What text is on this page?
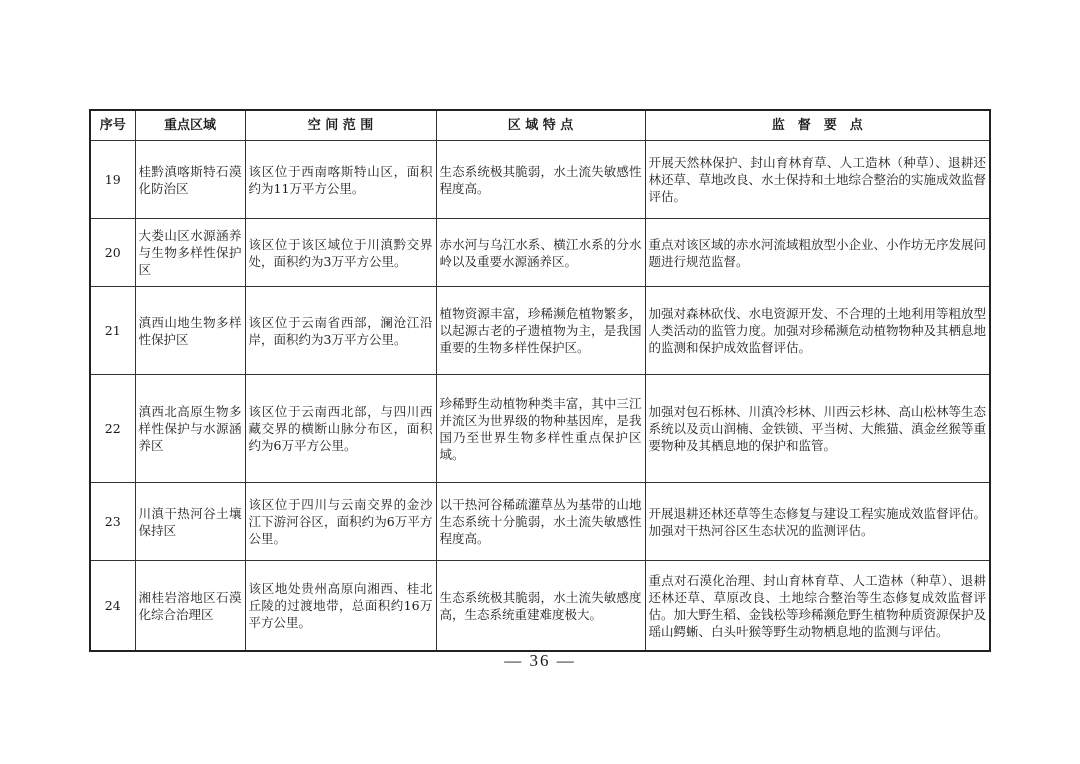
序号	重点区域	空 间 范 围	区 域 特 点	监　督　要　点
19	桂黔滇喀斯特石漠化防治区	该区位于西南喀斯特山区，面积约为11万平方公里。	生态系统极其脆弱，水土流失敏感性程度高。	开展天然林保护、封山育林育草、人工造林（种草）、退耕还林还草、草地改良、水土保持和土地综合整治的实施成效监督评估。
20	大娄山区水源涵养与生物多样性保护区	该区位于该区域位于川滇黔交界处，面积约为3万平方公里。	赤水河与乌江水系、横江水系的分水岭以及重要水源涵养区。	重点对该区域的赤水河流域粗放型小企业、小作坊无序发展问题进行规范监督。
21	滇西山地生物多样性保护区	该区位于云南省西部，澜沧江沿岸，面积约为3万平方公里。	植物资源丰富，珍稀濒危植物繁多，以起源古老的孑遗植物为主，是我国重要的生物多样性保护区。	加强对森林砍伐、水电资源开发、不合理的土地利用等粗放型人类活动的监管力度。加强对珍稀濒危动植物物种及其栖息地的监测和保护成效监督评估。
22	滇西北高原生物多样性保护与水源涵养区	该区位于云南西北部，与四川西藏交界的横断山脉分布区，面积约为6万平方公里。	珍稀野生动植物种类丰富，其中三江并流区为世界级的物种基因库，是我国乃至世界生物多样性重点保护区域。	加强对包石栎林、川滇冷杉林、川西云杉林、高山松林等生态系统以及贡山润楠、金铁锁、平当树、大熊猫、滇金丝猴等重要物种及其栖息地的保护和监管。
23	川滇干热河谷土壤保持区	该区位于四川与云南交界的金沙江下游河谷区，面积约为6万平方公里。	以干热河谷稀疏灌草丛为基带的山地生态系统十分脆弱，水土流失敏感性程度高。	开展退耕还林还草等生态修复与建设工程实施成效监督评估。加强对干热河谷区生态状况的监测评估。
24	湘桂岩溶地区石漠化综合治理区	该区地处贵州高原向湘西、桂北丘陵的过渡地带，总面积约16万平方公里。	生态系统极其脆弱，水土流失敏感度高，生态系统重建难度极大。	重点对石漠化治理、封山育林育草、人工造林（种草）、退耕还林还草、草原改良、土地综合整治等生态修复成效监督评估。加大野生稻、金钱松等珍稀濒危野生植物种质资源保护及瑶山鳄蜥、白头叶猴等野生动物栖息地的监测与评估。
— 36 —
